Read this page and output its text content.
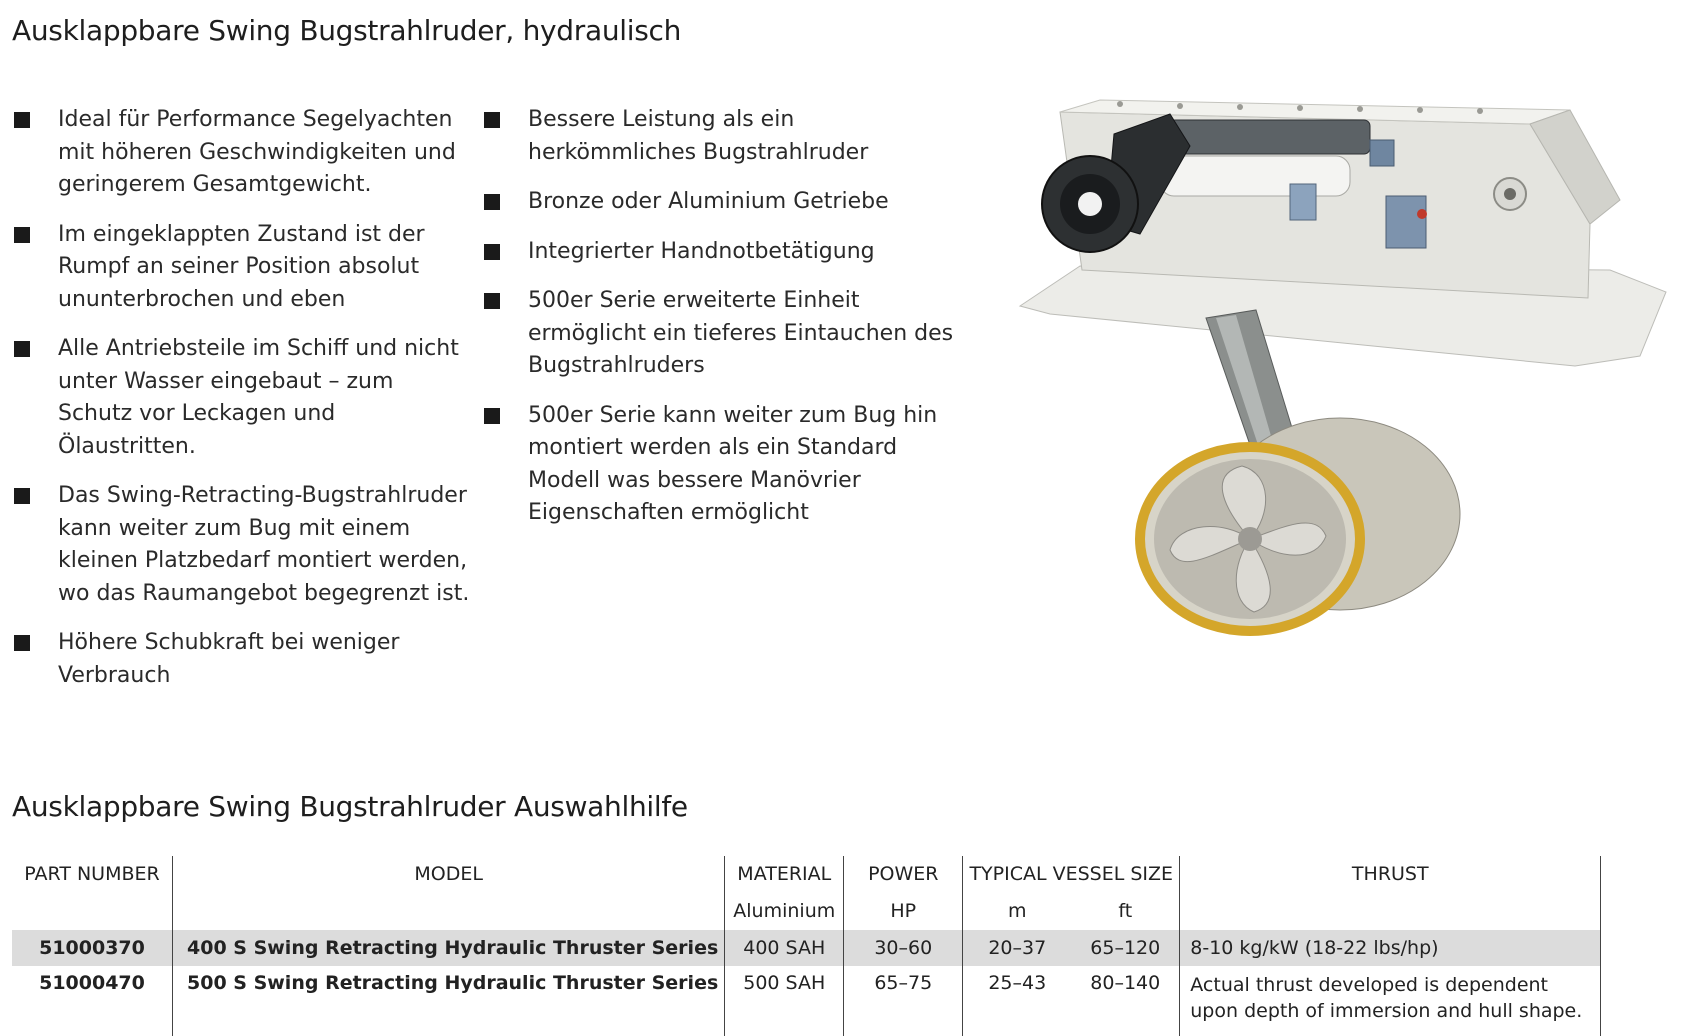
Ausklappbare Swing Bugstrahlruder, hydraulisch
Ideal für Performance Segelyachten mit höheren Geschwindigkeiten und geringerem Gesamtgewicht.
Im eingeklappten Zustand ist der Rumpf an seiner Position absolut ununterbrochen und eben
Alle Antriebsteile im Schiff und nicht unter Wasser eingebaut – zum Schutz vor Leckagen und Ölaustritten.
Das Swing-Retracting-Bugstrahlruder kann weiter zum Bug mit einem kleinen Platzbedarf montiert werden, wo das Raumangebot begegrenzt ist.
Höhere Schubkraft bei weniger Verbrauch
Bessere Leistung als ein herkömmliches Bugstrahlruder
Bronze oder Aluminium Getriebe
Integrierter Handnotbetätigung
500er Serie erweiterte Einheit ermöglicht ein tieferes Eintauchen des Bugstrahlruders
500er Serie kann weiter zum Bug hin montiert werden als ein Standard Modell was bessere Manövrier Eigenschaften ermöglicht
Ausklappbare Swing Bugstrahlruder Auswahlhilfe
PART NUMBER	MODEL	MATERIAL	POWER	TYPICAL VESSEL SIZE		THRUST
		Aluminium	HP	m	ft	
51000370	400 S Swing Retracting Hydraulic Thruster Series	400 SAH	30–60	20–37	65–120	8-10 kg/kW (18-22 lbs/hp)
51000470	500 S Swing Retracting Hydraulic Thruster Series	500 SAH	65–75	25–43	80–140	Actual thrust developed is dependent upon depth of immersion and hull shape.
